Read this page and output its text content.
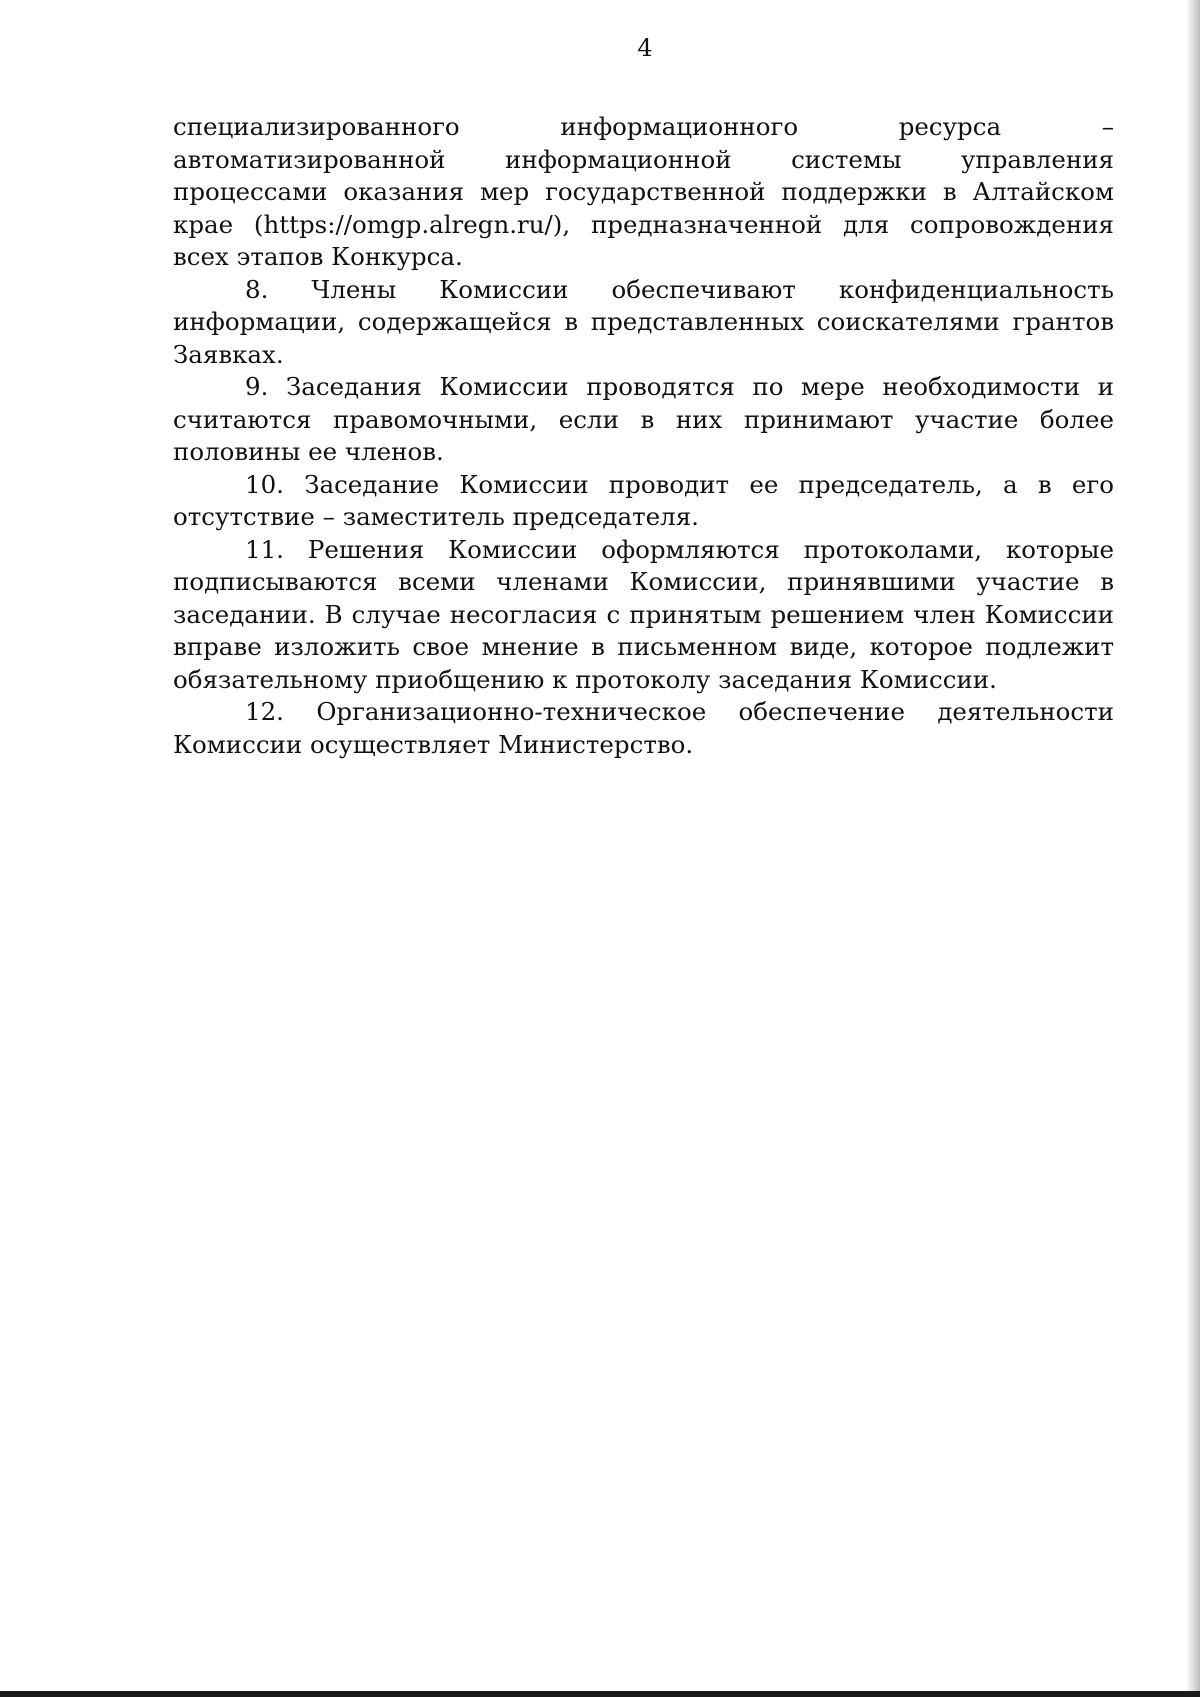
4

специализированного информационного ресурса – автоматизированной информационной системы управления процессами оказания мер государственной поддержки в Алтайском крае (https://omgp.alregn.ru/), предназначенной для сопровождения всех этапов Конкурса.

8. Члены Комиссии обеспечивают конфиденциальность информации, содержащейся в представленных соискателями грантов Заявках.

9. Заседания Комиссии проводятся по мере необходимости и считаются правомочными, если в них принимают участие более половины ее членов.

10. Заседание Комиссии проводит ее председатель, а в его отсутствие – заместитель председателя.

11. Решения Комиссии оформляются протоколами, которые подписываются всеми членами Комиссии, принявшими участие в заседании. В случае несогласия с принятым решением член Комиссии вправе изложить свое мнение в письменном виде, которое подлежит обязательному приобщению к протоколу заседания Комиссии.

12. Организационно-техническое обеспечение деятельности Комиссии осуществляет Министерство.
